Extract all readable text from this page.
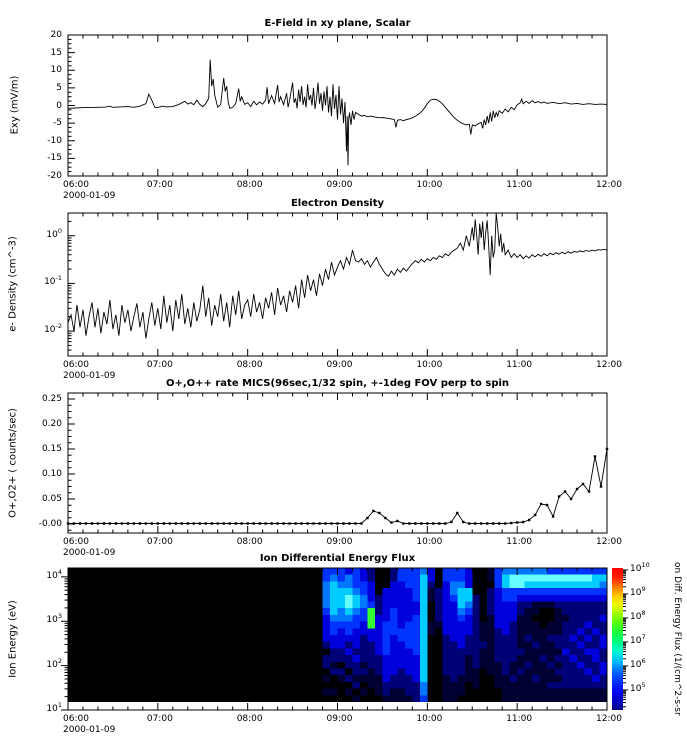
E-Field in xy plane, Scalar
Electron Density
O+,O++ rate MICS(96sec,1/32 spin, +-1deg FOV perp to spin
Ion Differential Energy Flux
Exy (mV/m)
e- Density (cm^-3)
O+,O2+ ( counts/sec)
Ion Energy (eV)	on Diff. Energy Flux (1/(cm^2-s-sr
06:00	07:00	08:00	09:00	10:00	11:00	12:00
2000-01-09
06:00	07:00	08:00	09:00	10:00	11:00	12:00
2000-01-09
06:00	07:00	08:00	09:00	10:00	11:00	12:00
2000-01-09
06:00	07:00	08:00	09:00	10:00	11:00	12:00
2000-01-09
20
15
10
5
0
-5
-10
-15
-20
$10^0$
$10^{-1}$
$10^{-2}$
0.25
0.20
0.15
0.10
0.05
-0.00
$10^4$
$10^3$
$10^2$
$10^1$
$10^{10}$
$10^9$
$10^8$
$10^7$
$10^6$
$10^5$
